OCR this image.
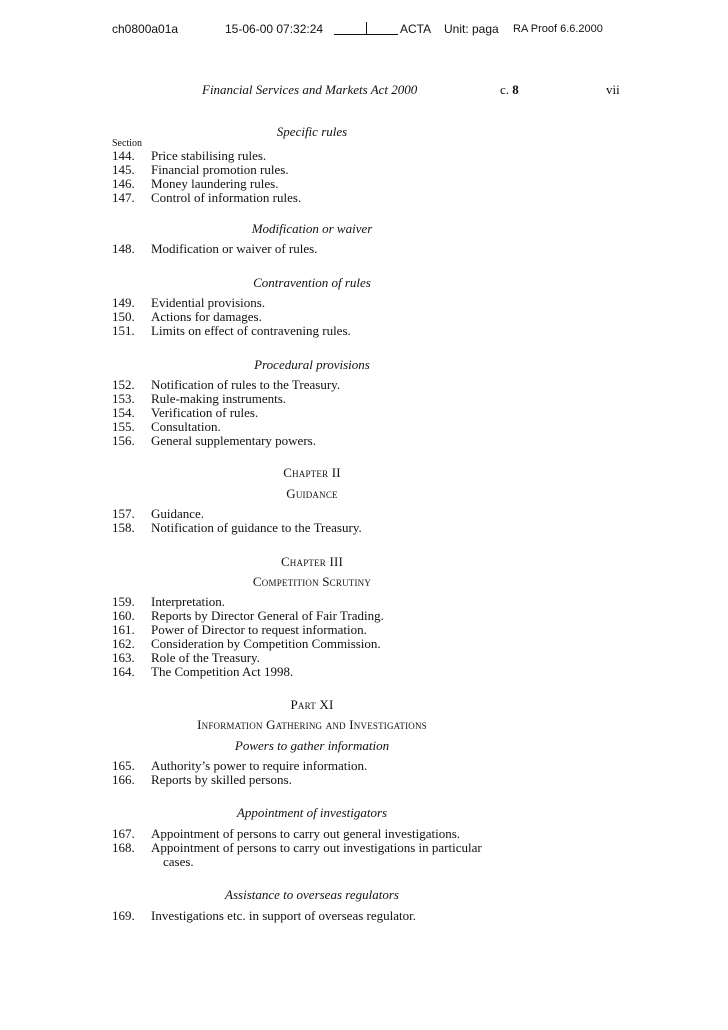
ch0800a01a	15-06-00 07:32:24	ACTA Unit: paga RA Proof 6.6.2000
Financial Services and Markets Act 2000	c. 8	vii
Section
Specific rules
144.	Price stabilising rules.
145.	Financial promotion rules.
146.	Money laundering rules.
147.	Control of information rules.
Modification or waiver
148.	Modification or waiver of rules.
Contravention of rules
149.	Evidential provisions.
150.	Actions for damages.
151.	Limits on effect of contravening rules.
Procedural provisions
152.	Notification of rules to the Treasury.
153.	Rule-making instruments.
154.	Verification of rules.
155.	Consultation.
156.	General supplementary powers.
Chapter II
Guidance
157.	Guidance.
158.	Notification of guidance to the Treasury.
Chapter III
Competition Scrutiny
159.	Interpretation.
160.	Reports by Director General of Fair Trading.
161.	Power of Director to request information.
162.	Consideration by Competition Commission.
163.	Role of the Treasury.
164.	The Competition Act 1998.
Part XI
Information Gathering and Investigations
Powers to gather information
165.	Authority’s power to require information.
166.	Reports by skilled persons.
Appointment of investigators
167.	Appointment of persons to carry out general investigations.
168.	Appointment of persons to carry out investigations in particular
cases.
Assistance to overseas regulators
169.	Investigations etc. in support of overseas regulator.
